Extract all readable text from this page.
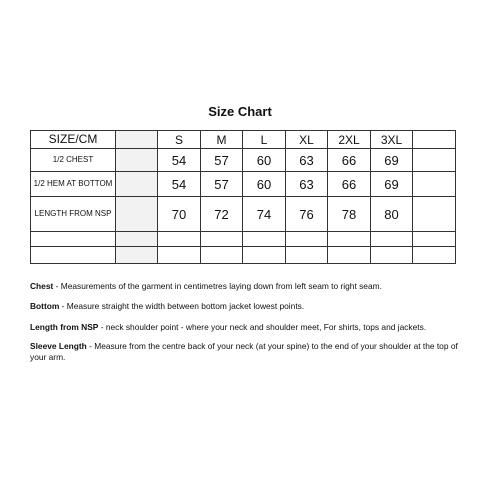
Size Chart
SIZE/CM		S	M	L	XL	2XL	3XL	
1/2 CHEST		54	57	60	63	66	69	
1/2 HEM AT BOTTOM		54	57	60	63	66	69	
LENGTH FROM NSP		70	72	74	76	78	80	

Chest - Measurements of the garment in centimetres laying down from left seam to right seam.
Bottom - Measure straight the width between bottom jacket lowest points.
Length from NSP - neck shoulder point - where your neck and shoulder meet, For shirts, tops and jackets.
Sleeve Length - Measure from the centre back of your neck (at your spine) to the end of your shoulder at the top of your arm.
